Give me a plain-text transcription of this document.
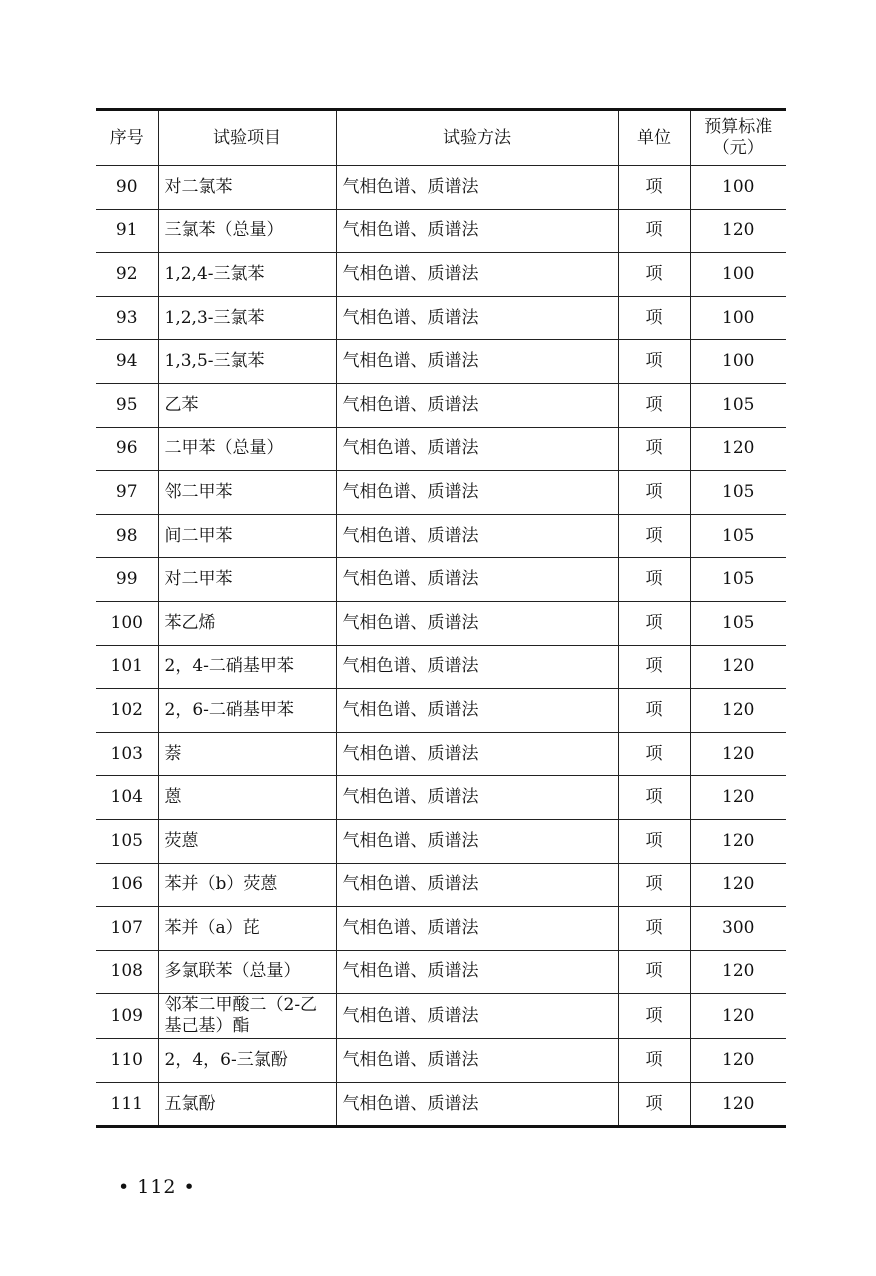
序号	试验项目	试验方法	单位	预算标准（元）
90	对二氯苯	气相色谱、质谱法	项	100
91	三氯苯（总量）	气相色谱、质谱法	项	120
92	1,2,4-三氯苯	气相色谱、质谱法	项	100
93	1,2,3-三氯苯	气相色谱、质谱法	项	100
94	1,3,5-三氯苯	气相色谱、质谱法	项	100
95	乙苯	气相色谱、质谱法	项	105
96	二甲苯（总量）	气相色谱、质谱法	项	120
97	邻二甲苯	气相色谱、质谱法	项	105
98	间二甲苯	气相色谱、质谱法	项	105
99	对二甲苯	气相色谱、质谱法	项	105
100	苯乙烯	气相色谱、质谱法	项	105
101	2，4-二硝基甲苯	气相色谱、质谱法	项	120
102	2，6-二硝基甲苯	气相色谱、质谱法	项	120
103	萘	气相色谱、质谱法	项	120
104	蒽	气相色谱、质谱法	项	120
105	荧蒽	气相色谱、质谱法	项	120
106	苯并（b）荧蒽	气相色谱、质谱法	项	120
107	苯并（a）芘	气相色谱、质谱法	项	300
108	多氯联苯（总量）	气相色谱、质谱法	项	120
109	邻苯二甲酸二（2-乙基己基）酯	气相色谱、质谱法	项	120
110	2，4，6-三氯酚	气相色谱、质谱法	项	120
111	五氯酚	气相色谱、质谱法	项	120
• 112 •
